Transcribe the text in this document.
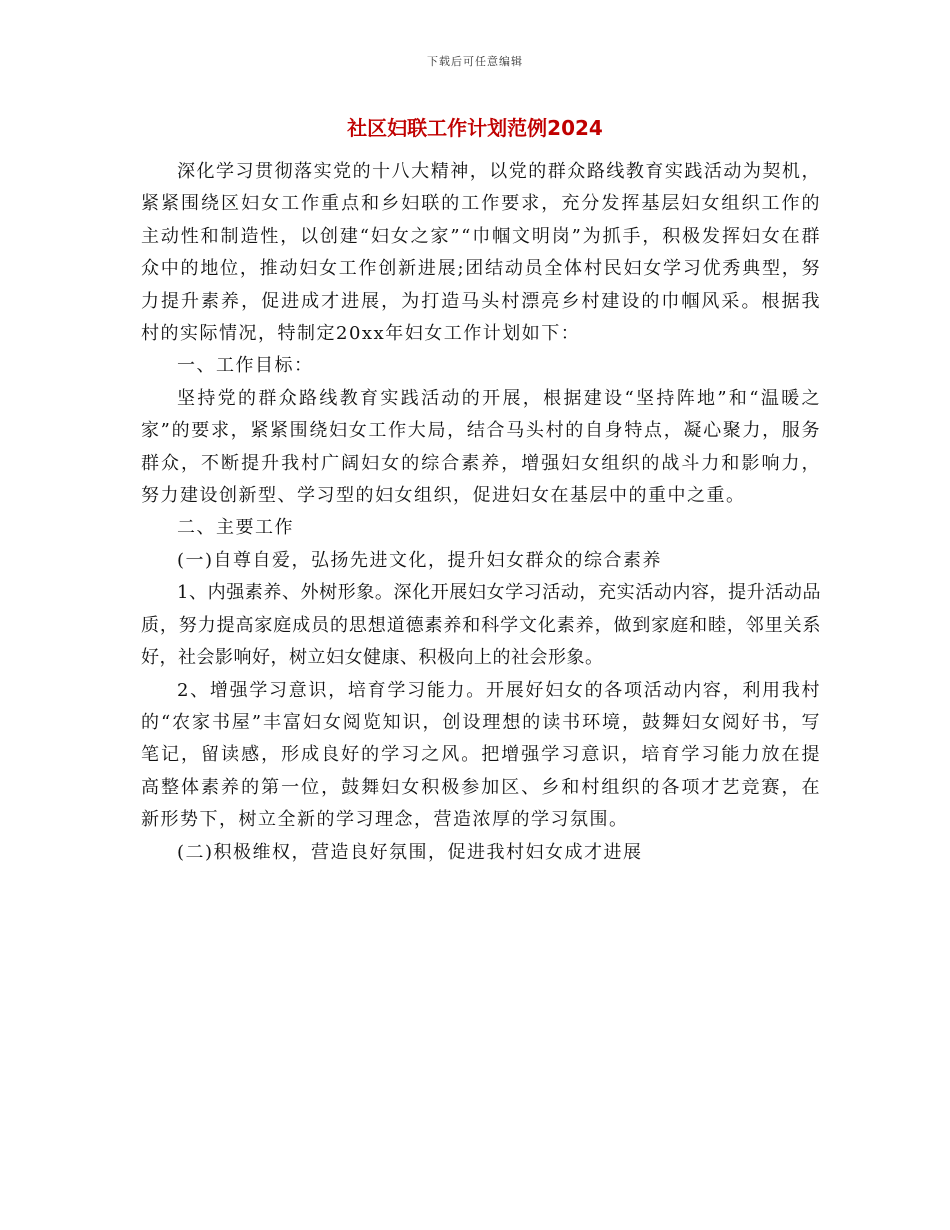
下载后可任意编辑
社区妇联工作计划范例2024

深化学习贯彻落实党的十八大精神，以党的群众路线教育实践活动为契机，紧紧围绕区妇女工作重点和乡妇联的工作要求，充分发挥基层妇女组织工作的主动性和制造性，以创建“妇女之家”“巾帼文明岗”为抓手，积极发挥妇女在群众中的地位，推动妇女工作创新进展;团结动员全体村民妇女学习优秀典型，努力提升素养，促进成才进展，为打造马头村漂亮乡村建设的巾帼风采。根据我村的实际情况，特制定20xx年妇女工作计划如下：

一、工作目标：

坚持党的群众路线教育实践活动的开展，根据建设“坚持阵地”和“温暖之家”的要求，紧紧围绕妇女工作大局，结合马头村的自身特点，凝心聚力，服务群众，不断提升我村广阔妇女的综合素养，增强妇女组织的战斗力和影响力，努力建设创新型、学习型的妇女组织，促进妇女在基层中的重中之重。

二、主要工作

(一)自尊自爱，弘扬先进文化，提升妇女群众的综合素养

1、内强素养、外树形象。深化开展妇女学习活动，充实活动内容，提升活动品质，努力提高家庭成员的思想道德素养和科学文化素养，做到家庭和睦，邻里关系好，社会影响好，树立妇女健康、积极向上的社会形象。

2、增强学习意识，培育学习能力。开展好妇女的各项活动内容，利用我村的“农家书屋”丰富妇女阅览知识，创设理想的读书环境，鼓舞妇女阅好书，写笔记，留读感，形成良好的学习之风。把增强学习意识，培育学习能力放在提高整体素养的第一位，鼓舞妇女积极参加区、乡和村组织的各项才艺竞赛，在新形势下，树立全新的学习理念，营造浓厚的学习氛围。

(二)积极维权，营造良好氛围，促进我村妇女成才进展
